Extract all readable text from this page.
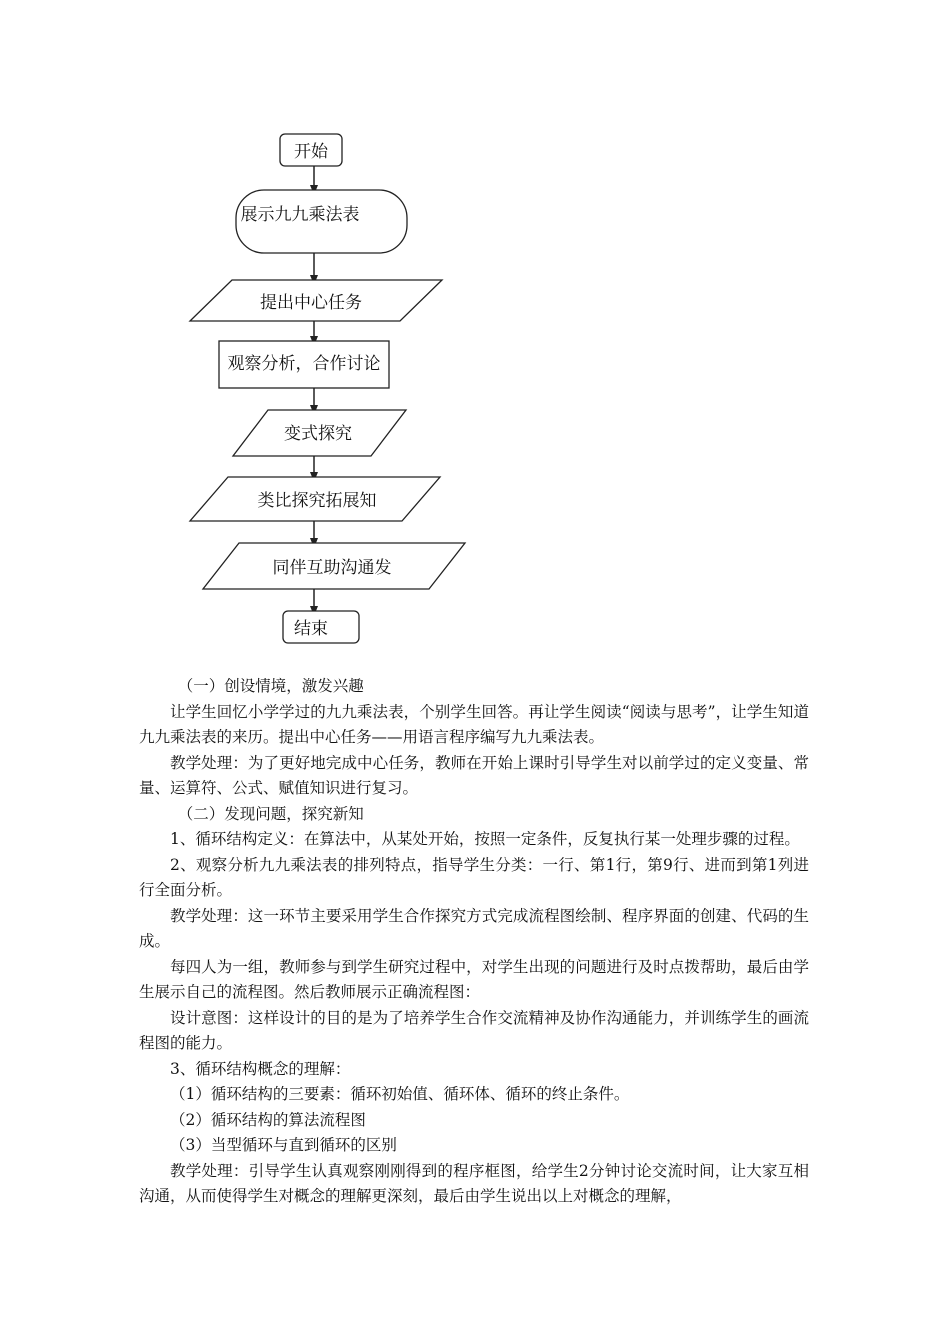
开始
展示九九乘法表
提出中心任务
观察分析，合作讨论
变式探究
类比探究拓展知
同伴互助沟通发
结束

（一）创设情境，激发兴趣

让学生回忆小学学过的九九乘法表，个别学生回答。再让学生阅读“阅读与思考”，让学生知道九九乘法表的来历。提出中心任务——用语言程序编写九九乘法表。

教学处理：为了更好地完成中心任务，教师在开始上课时引导学生对以前学过的定义变量、常量、运算符、公式、赋值知识进行复习。

（二）发现问题，探究新知

1、循环结构定义：在算法中，从某处开始，按照一定条件，反复执行某一处理步骤的过程。

2、观察分析九九乘法表的排列特点，指导学生分类：一行、第1行，第9行、进而到第1列进行全面分析。

教学处理：这一环节主要采用学生合作探究方式完成流程图绘制、程序界面的创建、代码的生成。

每四人为一组，教师参与到学生研究过程中，对学生出现的问题进行及时点拨帮助，最后由学生展示自己的流程图。然后教师展示正确流程图：

设计意图：这样设计的目的是为了培养学生合作交流精神及协作沟通能力，并训练学生的画流程图的能力。

3、循环结构概念的理解：

（1）循环结构的三要素：循环初始值、循环体、循环的终止条件。

（2）循环结构的算法流程图

（3）当型循环与直到循环的区别

教学处理：引导学生认真观察刚刚得到的程序框图，给学生2分钟讨论交流时间，让大家互相沟通，从而使得学生对概念的理解更深刻，最后由学生说出以上对概念的理解，
